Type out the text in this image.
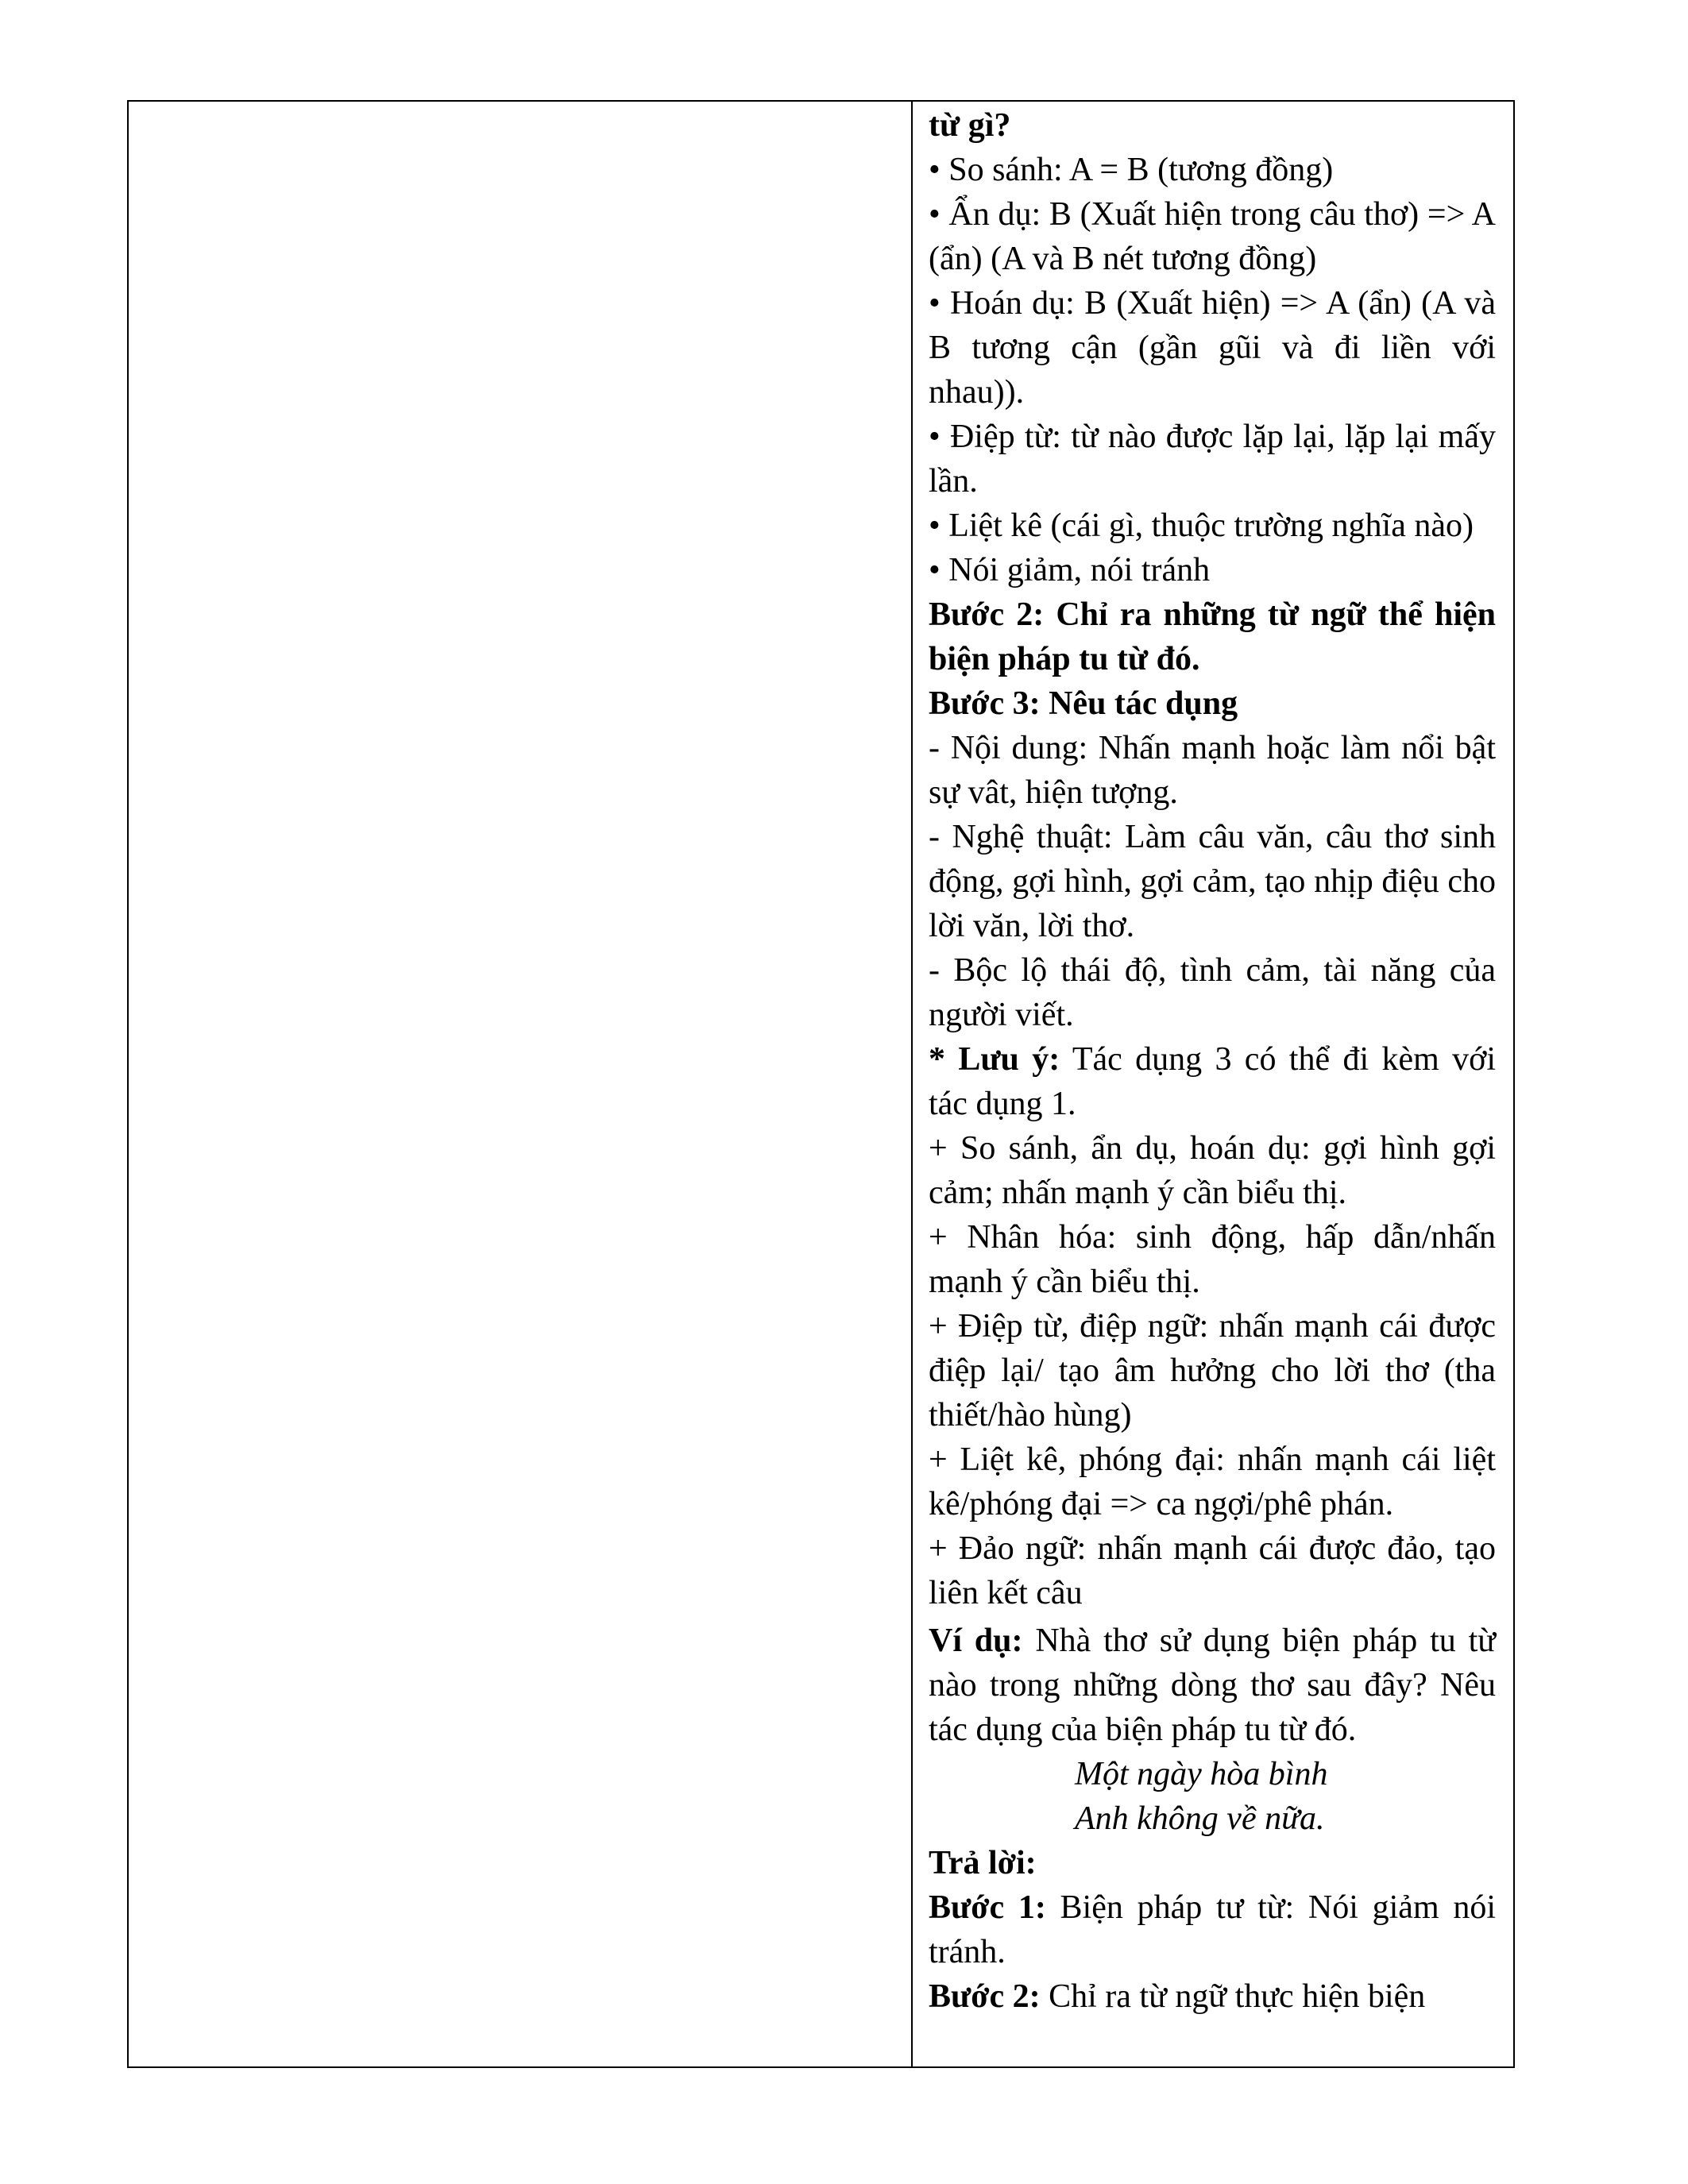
từ gì?

• So sánh: A = B (tương đồng)

• Ẩn dụ: B (Xuất hiện trong câu thơ) => A (ẩn) (A và B nét tương đồng)

• Hoán dụ: B (Xuất hiện) => A (ẩn) (A và B tương cận (gần gũi và đi liền với nhau)).

• Điệp từ: từ nào được lặp lại, lặp lại mấy lần.

• Liệt kê (cái gì, thuộc trường nghĩa nào)

• Nói giảm, nói tránh

Bước 2: Chỉ ra những từ ngữ thể hiện biện pháp tu từ đó.

Bước 3: Nêu tác dụng

- Nội dung: Nhấn mạnh hoặc làm nổi bật sự vât, hiện tượng.

- Nghệ thuật: Làm câu văn, câu thơ sinh động, gợi hình, gợi cảm, tạo nhịp điệu cho lời văn, lời thơ.

- Bộc lộ thái độ, tình cảm, tài năng của người viết.

* Lưu ý: Tác dụng 3 có thể đi kèm với tác dụng 1.

+ So sánh, ẩn dụ, hoán dụ: gợi hình gợi cảm; nhấn mạnh ý cần biểu thị.

+ Nhân hóa: sinh động, hấp dẫn/nhấn mạnh ý cần biểu thị.

+ Điệp từ, điệp ngữ: nhấn mạnh cái được điệp lại/ tạo âm hưởng cho lời thơ (tha thiết/hào hùng)

+ Liệt kê, phóng đại: nhấn mạnh cái liệt kê/phóng đại => ca ngợi/phê phán.

+ Đảo ngữ: nhấn mạnh cái được đảo, tạo liên kết câu

Ví dụ: Nhà thơ sử dụng biện pháp tu từ nào trong những dòng thơ sau đây? Nêu tác dụng của biện pháp tu từ đó.

Một ngày hòa bình

Anh không về nữa.

Trả lời:

Bước 1: Biện pháp tư từ: Nói giảm nói tránh.

Bước 2: Chỉ ra từ ngữ thực hiện biện
